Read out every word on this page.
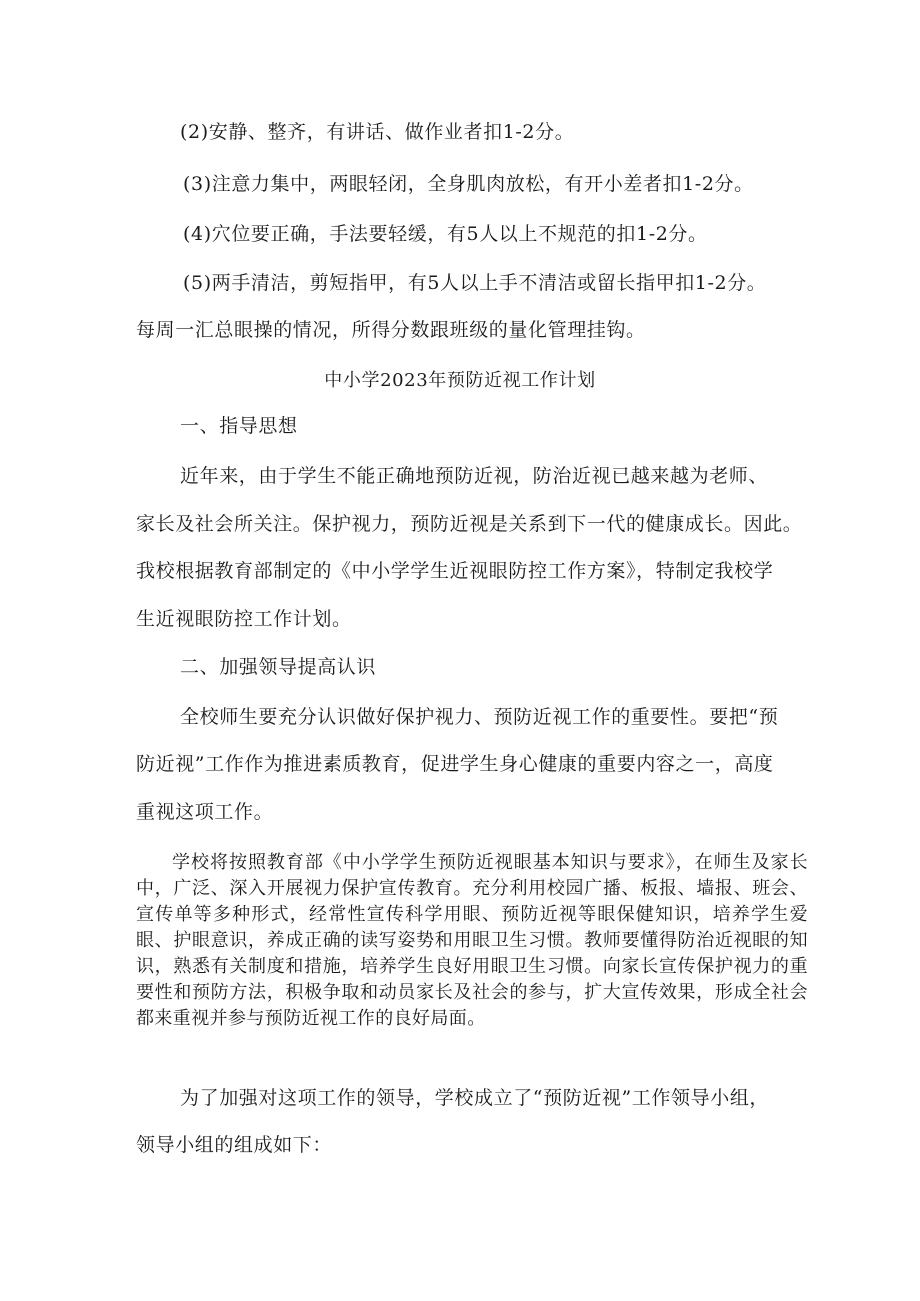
(2)安静、整齐，有讲话、做作业者扣1-2分。
(3)注意力集中，两眼轻闭，全身肌肉放松，有开小差者扣1-2分。
(4)穴位要正确，手法要轻缓，有5人以上不规范的扣1-2分。
(5)两手清洁，剪短指甲，有5人以上手不清洁或留长指甲扣1-2分。
每周一汇总眼操的情况，所得分数跟班级的量化管理挂钩。
中小学2023年预防近视工作计划
一、指导思想
近年来，由于学生不能正确地预防近视，防治近视已越来越为老师、
家长及社会所关注。保护视力，预防近视是关系到下一代的健康成长。因此。
我校根据教育部制定的《中小学学生近视眼防控工作方案》，特制定我校学
生近视眼防控工作计划。
二、加强领导提高认识
全校师生要充分认识做好保护视力、预防近视工作的重要性。要把“预
防近视”工作作为推进素质教育，促进学生身心健康的重要内容之一，高度
重视这项工作。
学校将按照教育部《中小学学生预防近视眼基本知识与要求》，在师生及家长中，广泛、深入开展视力保护宣传教育。充分利用校园广播、板报、墙报、班会、宣传单等多种形式，经常性宣传科学用眼、预防近视等眼保健知识，培养学生爱眼、护眼意识，养成正确的读写姿势和用眼卫生习惯。教师要懂得防治近视眼的知识，熟悉有关制度和措施，培养学生良好用眼卫生习惯。向家长宣传保护视力的重要性和预防方法，积极争取和动员家长及社会的参与，扩大宣传效果，形成全社会都来重视并参与预防近视工作的良好局面。
为了加强对这项工作的领导，学校成立了“预防近视”工作领导小组，
领导小组的组成如下：
